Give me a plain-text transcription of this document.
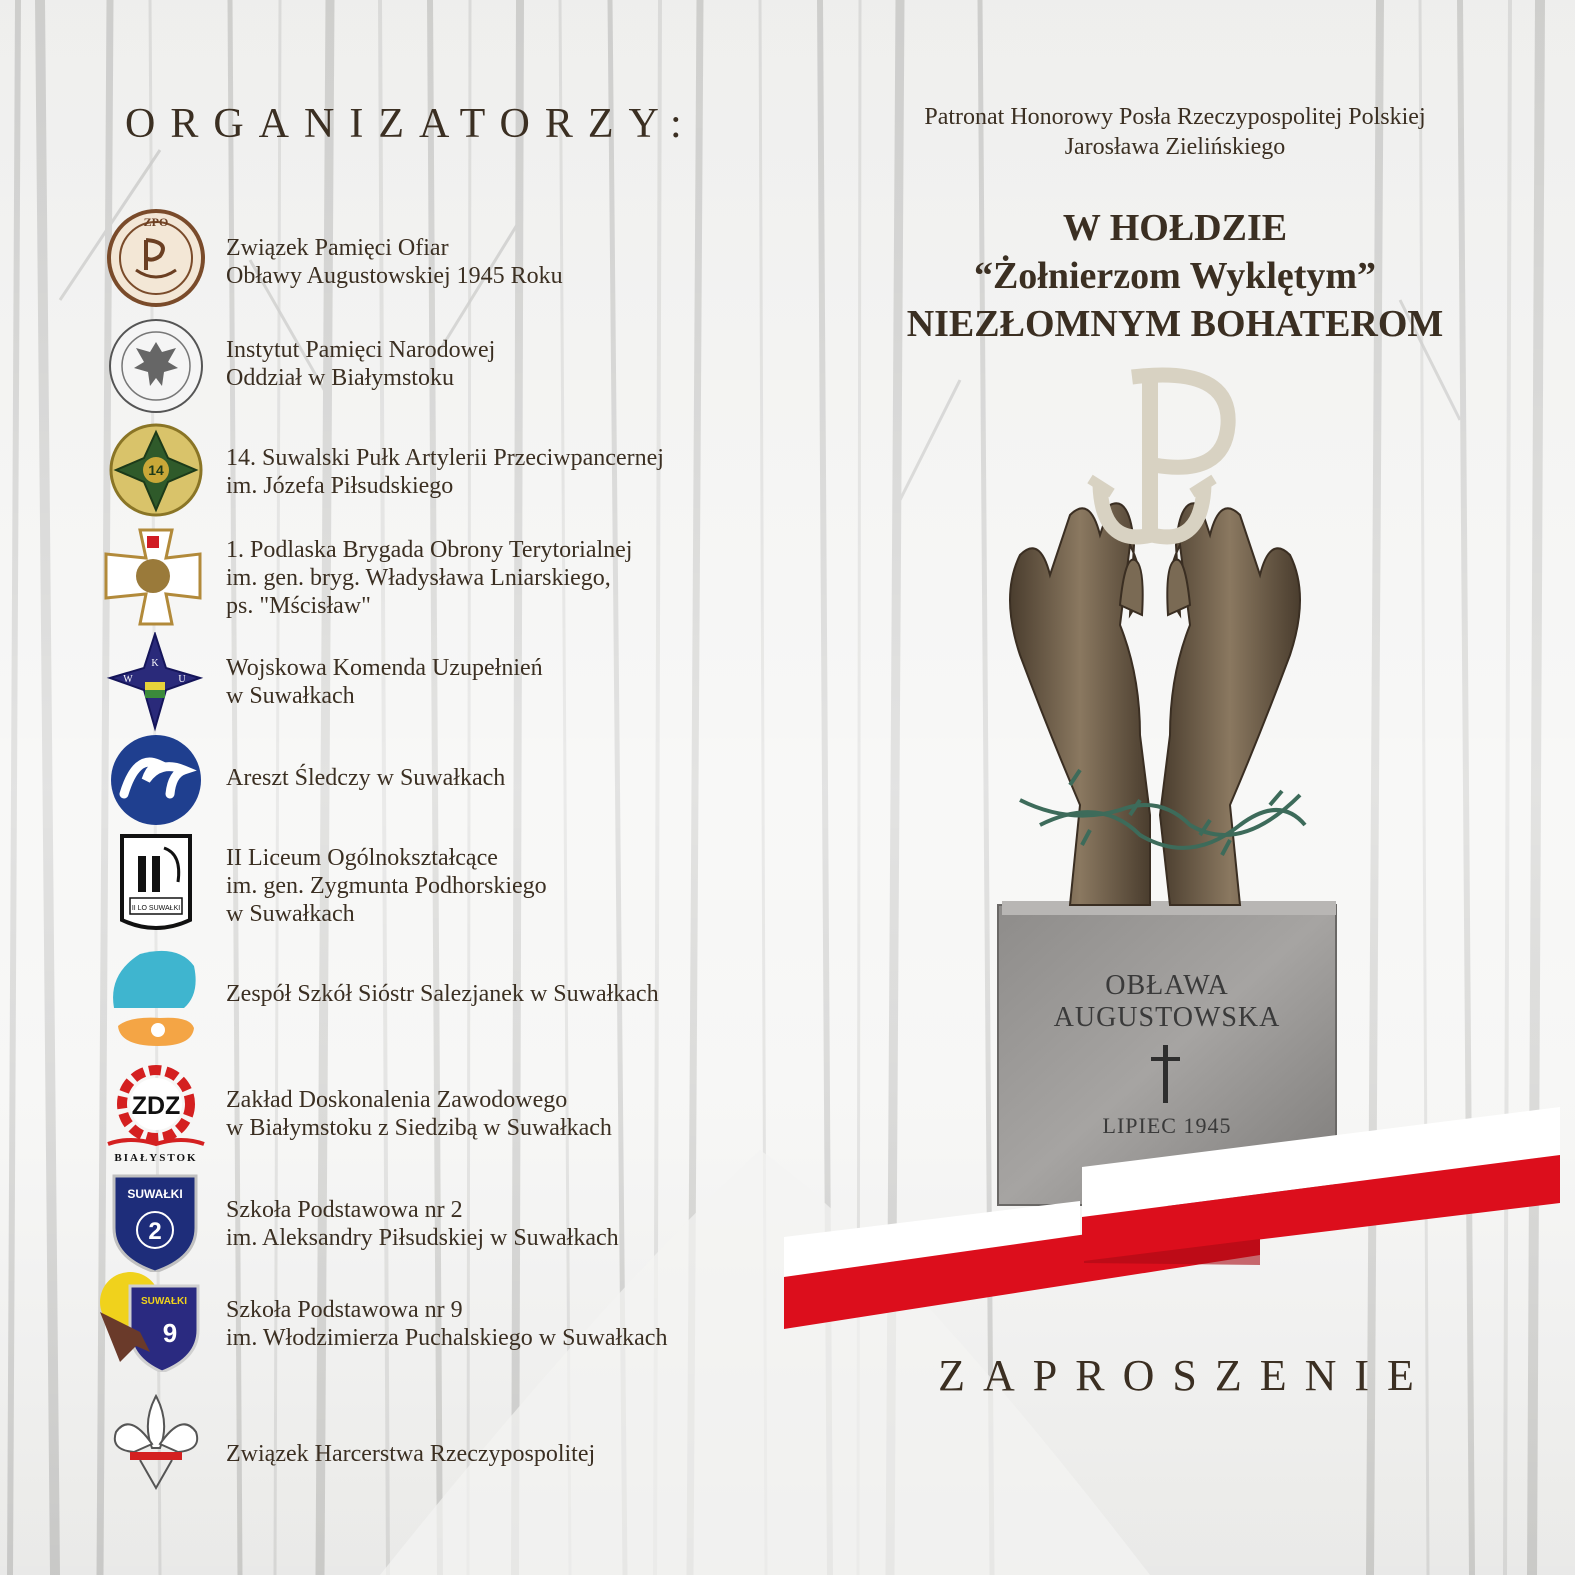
ORGANIZATORZY:
ZPO
Związek Pamięci Ofiar
Obławy Augustowskiej 1945 Roku
Instytut Pamięci Narodowej
Oddział w Białymstoku
14	14. Suwalski Pułk Artylerii Przeciwpancernej
im. Józefa Piłsudskiego
1. Podlaska Brygada Obrony Terytorialnej
im. gen. bryg. Władysława Lniarskiego,
ps. "Mścisław"
K
W	U Wojskowa Komenda Uzupełnień
w Suwałkach
Areszt Śledczy w Suwałkach
II LO SUWAŁKI
II Liceum Ogólnokształcące
im. gen. Zygmunta Podhorskiego
w Suwałkach
Zespół Szkół Sióstr Salezjanek w Suwałkach
ZDZ
BIAŁYSTOK
Zakład Doskonalenia Zawodowego
w Białymstoku z Siedzibą w Suwałkach
SUWAŁKI
2
Szkoła Podstawowa nr 2
im. Aleksandry Piłsudskiej w Suwałkach
SUWAŁKI
9
Szkoła Podstawowa nr 9
im. Włodzimierza Puchalskiego w Suwałkach
Związek Harcerstwa Rzeczypospolitej
Patronat Honorowy Posła Rzeczypospolitej Polskiej
Jarosława Zielińskiego
W HOŁDZIE
“Żołnierzom Wyklętym”
NIEZŁOMNYM BOHATEROM
OBŁAWA
AUGUSTOWSKA
LIPIEC 1945
ZAPROSZENIE
